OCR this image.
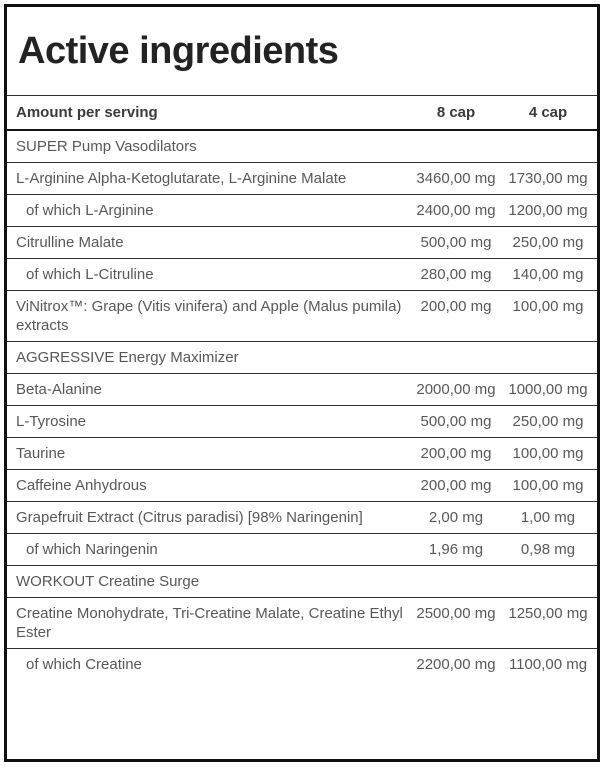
Active ingredients
Amount per serving	8 cap	4 cap
SUPER Pump Vasodilators		
L-Arginine Alpha-Ketoglutarate, L-Arginine Malate	3460,00 mg	1730,00 mg
of which L-Arginine	2400,00 mg	1200,00 mg
Citrulline Malate	500,00 mg	250,00 mg
of which L-Citruline	280,00 mg	140,00 mg
ViNitrox™: Grape (Vitis vinifera) and Apple (Malus pumila) extracts	200,00 mg	100,00 mg
AGGRESSIVE Energy Maximizer		
Beta-Alanine	2000,00 mg	1000,00 mg
L-Tyrosine	500,00 mg	250,00 mg
Taurine	200,00 mg	100,00 mg
Caffeine Anhydrous	200,00 mg	100,00 mg
Grapefruit Extract (Citrus paradisi) [98% Naringenin]	2,00 mg	1,00 mg
of which Naringenin	1,96 mg	0,98 mg
WORKOUT Creatine Surge		
Creatine Monohydrate, Tri-Creatine Malate, Creatine Ethyl Ester	2500,00 mg	1250,00 mg
of which Creatine	2200,00 mg	1100,00 mg
